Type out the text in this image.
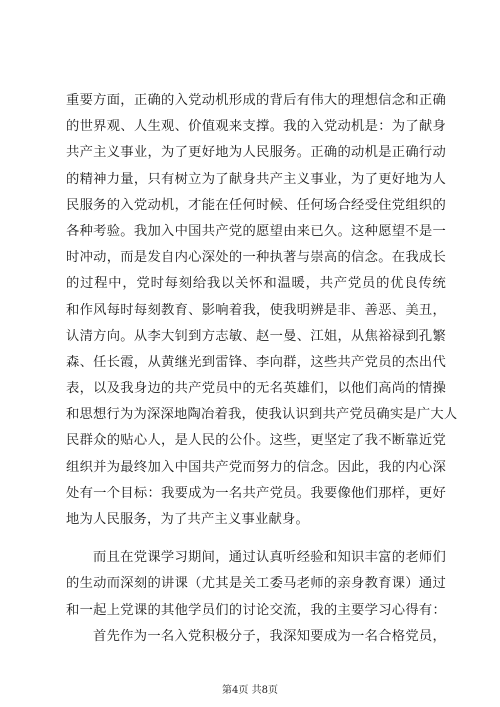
重要方面，正确的入党动机形成的背后有伟大的理想信念和正确
的世界观、人生观、价值观来支撑。我的入党动机是：为了献身
共产主义事业，为了更好地为人民服务。正确的动机是正确行动
的精神力量，只有树立为了献身共产主义事业，为了更好地为人
民服务的入党动机，才能在任何时候、任何场合经受住党组织的
各种考验。我加入中国共产党的愿望由来已久。这种愿望不是一
时冲动，而是发自内心深处的一种执著与崇高的信念。在我成长
的过程中，党时每刻给我以关怀和温暖，共产党员的优良传统
和作风每时每刻教育、影响着我，使我明辨是非、善恶、美丑，
认清方向。从李大钊到方志敏、赵一曼、江姐，从焦裕禄到孔繁
森、任长霞，从黄继光到雷锋、李向群，这些共产党员的杰出代
表，以及我身边的共产党员中的无名英雄们，以他们高尚的情操
和思想行为为深深地陶冶着我，使我认识到共产党员确实是广大人
民群众的贴心人，是人民的公仆。这些，更坚定了我不断靠近党
组织并为最终加入中国共产党而努力的信念。因此，我的内心深
处有一个目标：我要成为一名共产党员。我要像他们那样，更好
地为人民服务，为了共产主义事业献身。
而且在党课学习期间，通过认真听经验和知识丰富的老师们
的生动而深刻的讲课（尤其是关工委马老师的亲身教育课）通过
和一起上党课的其他学员们的讨论交流，我的主要学习心得有：
首先作为一名入党积极分子，我深知要成为一名合格党员，
第4页 共8页
